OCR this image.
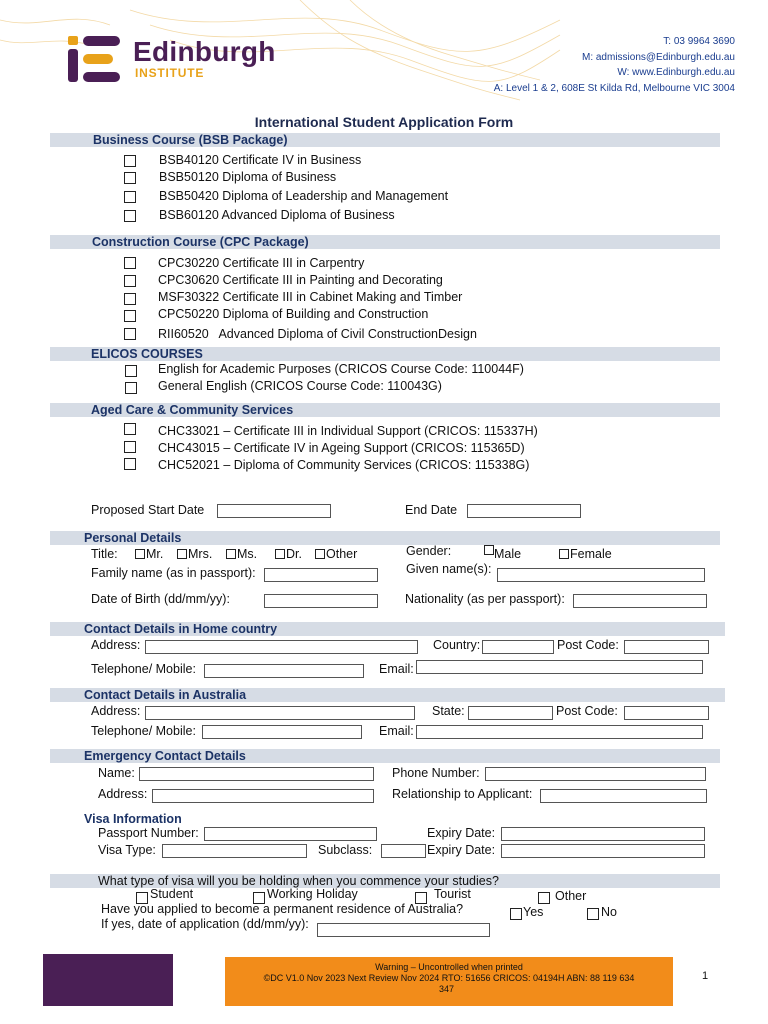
Edinburgh
INSTITUTE
T: 03 9964 3690
M: admissions@Edinburgh.edu.au
W: www.Edinburgh.edu.au
A: Level 1 & 2, 608E St Kilda Rd, Melbourne VIC 3004
International Student Application Form
Business Course (BSB Package)
BSB40120 Certificate IV in Business
BSB50120 Diploma of Business
BSB50420 Diploma of Leadership and Management
BSB60120 Advanced Diploma of Business
Construction Course (CPC Package)
CPC30220 Certificate III in Carpentry
CPC30620 Certificate III in Painting and Decorating
MSF30322 Certificate III in Cabinet Making and Timber
CPC50220 Diploma of Building and Construction
RII60520   Advanced Diploma of Civil ConstructionDesign
ELICOS COURSES
English for Academic Purposes (CRICOS Course Code: 110044F)
General English (CRICOS Course Code: 110043G)
Aged Care & Community Services
CHC33021 – Certificate III in Individual Support (CRICOS: 115337H)
CHC43015 – Certificate IV in Ageing Support (CRICOS: 115365D)
CHC52021 – Diploma of Community Services (CRICOS: 115338G)
Proposed Start Date	End Date
Personal Details
Title: Mr. Mrs. Ms. Dr. Other	Gender:	Male	Female
Family name (as in passport):	Given name(s):
Date of Birth (dd/mm/yy):	Nationality (as per passport):
Contact Details in Home country
Address:	Country:	Post Code:
Telephone/ Mobile:	Email:
Contact Details in Australia
Address:	State:	Post Code:
Telephone/ Mobile:	Email:
Emergency Contact Details
Name:	Phone Number:
Address:	Relationship to Applicant:
Visa Information
Passport Number:	Expiry Date:
Visa Type:	Subclass:	Expiry Date:
What type of visa will you be holding when you commence your studies?
Student	Working Holiday	Tourist	Other
Have you applied to become a permanent residence of Australia?	Yes	No
If yes, date of application (dd/mm/yy):
Warning – Uncontrolled when printed
©DC V1.0 Nov 2023 Next Review Nov 2024 RTO: 51656 CRICOS: 04194H ABN: 88 119 634
347
1
